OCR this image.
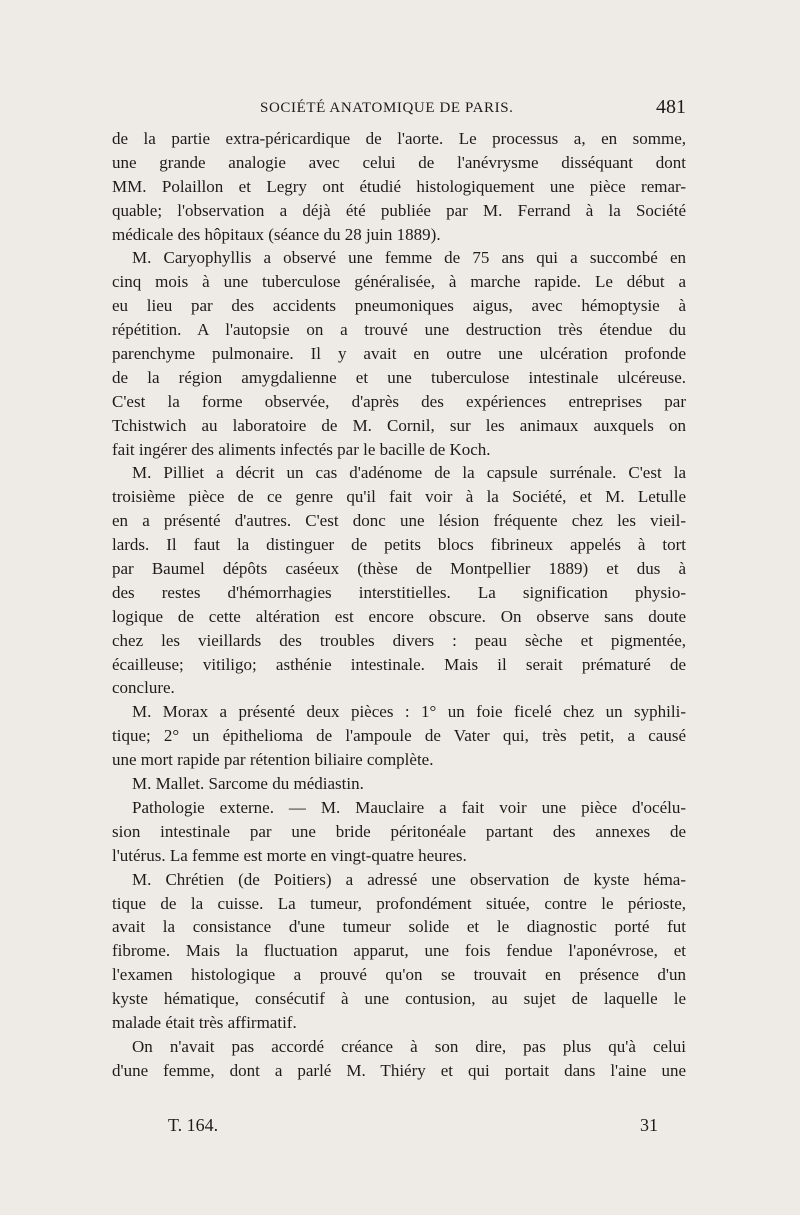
SOCIÉTÉ ANATOMIQUE DE PARIS.	481
de la partie extra-péricardique de l'aorte. Le processus a, en somme,
une grande analogie avec celui de l'anévrysme disséquant dont
MM. Polaillon et Legry ont étudié histologiquement une pièce remar-
quable; l'observation a déjà été publiée par M. Ferrand à la Société
médicale des hôpitaux (séance du 28 juin 1889).
M. Caryophyllis a observé une femme de 75 ans qui a succombé en
cinq mois à une tuberculose généralisée, à marche rapide. Le début a
eu lieu par des accidents pneumoniques aigus, avec hémoptysie à
répétition. A l'autopsie on a trouvé une destruction très étendue du
parenchyme pulmonaire. Il y avait en outre une ulcération profonde
de la région amygdalienne et une tuberculose intestinale ulcéreuse.
C'est la forme observée, d'après des expériences entreprises par
Tchistwich au laboratoire de M. Cornil, sur les animaux auxquels on
fait ingérer des aliments infectés par le bacille de Koch.
M. Pilliet a décrit un cas d'adénome de la capsule surrénale. C'est la
troisième pièce de ce genre qu'il fait voir à la Société, et M. Letulle
en a présenté d'autres. C'est donc une lésion fréquente chez les vieil-
lards. Il faut la distinguer de petits blocs fibrineux appelés à tort
par Baumel dépôts caséeux (thèse de Montpellier 1889) et dus à
des restes d'hémorrhagies interstitielles. La signification physio-
logique de cette altération est encore obscure. On observe sans doute
chez les vieillards des troubles divers : peau sèche et pigmentée,
écailleuse; vitiligo; asthénie intestinale. Mais il serait prématuré de
conclure.
M. Morax a présenté deux pièces : 1° un foie ficelé chez un syphili-
tique; 2° un épithelioma de l'ampoule de Vater qui, très petit, a causé
une mort rapide par rétention biliaire complète.
M. Mallet. Sarcome du médiastin.
Pathologie externe. — M. Mauclaire a fait voir une pièce d'océlu-
sion intestinale par une bride péritonéale partant des annexes de
l'utérus. La femme est morte en vingt-quatre heures.
M. Chrétien (de Poitiers) a adressé une observation de kyste héma-
tique de la cuisse. La tumeur, profondément située, contre le périoste,
avait la consistance d'une tumeur solide et le diagnostic porté fut
fibrome. Mais la fluctuation apparut, une fois fendue l'aponévrose, et
l'examen histologique a prouvé qu'on se trouvait en présence d'un
kyste hématique, consécutif à une contusion, au sujet de laquelle le
malade était très affirmatif.
On n'avait pas accordé créance à son dire, pas plus qu'à celui
d'une femme, dont a parlé M. Thiéry et qui portait dans l'aine une
T. 164.	31
